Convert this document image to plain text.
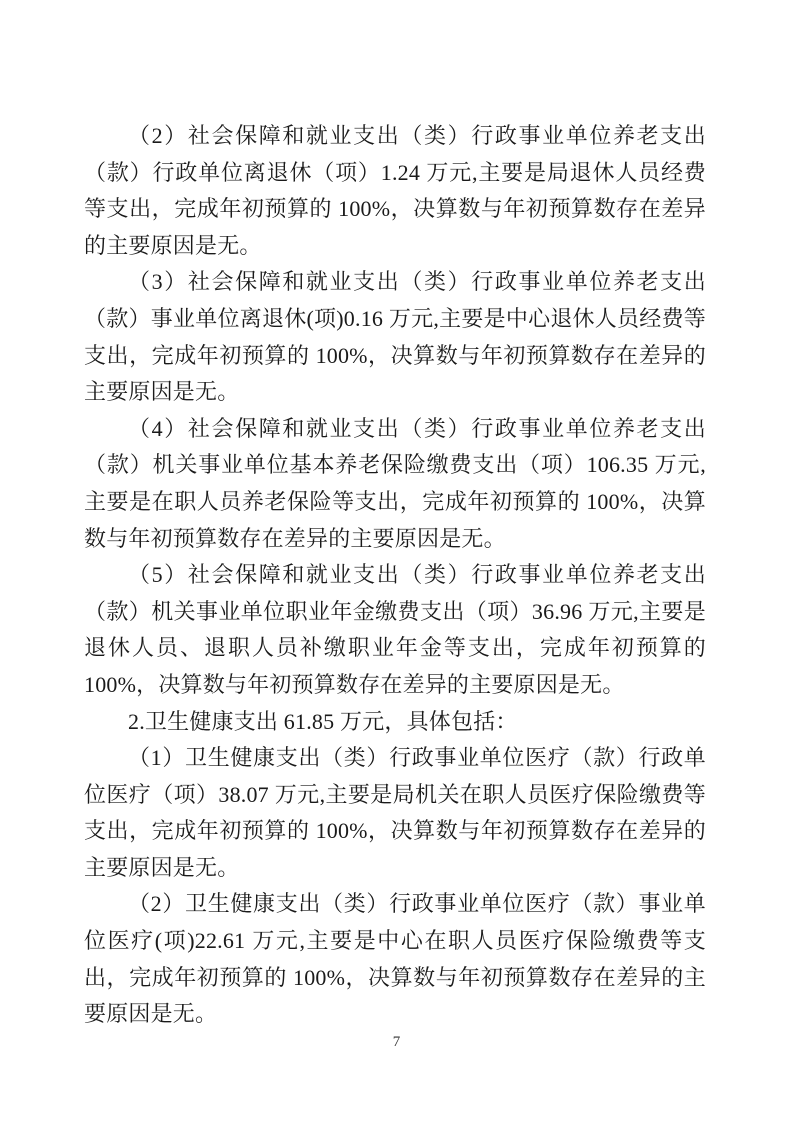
（2）社会保障和就业支出（类）行政事业单位养老支出（款）行政单位离退休（项）1.24 万元,主要是局退休人员经费等支出，完成年初预算的 100%，决算数与年初预算数存在差异的主要原因是无。

（3）社会保障和就业支出（类）行政事业单位养老支出（款）事业单位离退休(项)0.16 万元,主要是中心退休人员经费等支出，完成年初预算的 100%，决算数与年初预算数存在差异的主要原因是无。

（4）社会保障和就业支出（类）行政事业单位养老支出（款）机关事业单位基本养老保险缴费支出（项）106.35 万元,主要是在职人员养老保险等支出，完成年初预算的 100%，决算数与年初预算数存在差异的主要原因是无。

（5）社会保障和就业支出（类）行政事业单位养老支出（款）机关事业单位职业年金缴费支出（项）36.96 万元,主要是退休人员、退职人员补缴职业年金等支出，完成年初预算的 100%，决算数与年初预算数存在差异的主要原因是无。

2.卫生健康支出 61.85 万元，具体包括：

（1）卫生健康支出（类）行政事业单位医疗（款）行政单位医疗（项）38.07 万元,主要是局机关在职人员医疗保险缴费等支出，完成年初预算的 100%，决算数与年初预算数存在差异的主要原因是无。

（2）卫生健康支出（类）行政事业单位医疗（款）事业单位医疗(项)22.61 万元,主要是中心在职人员医疗保险缴费等支出，完成年初预算的 100%，决算数与年初预算数存在差异的主要原因是无。

7
